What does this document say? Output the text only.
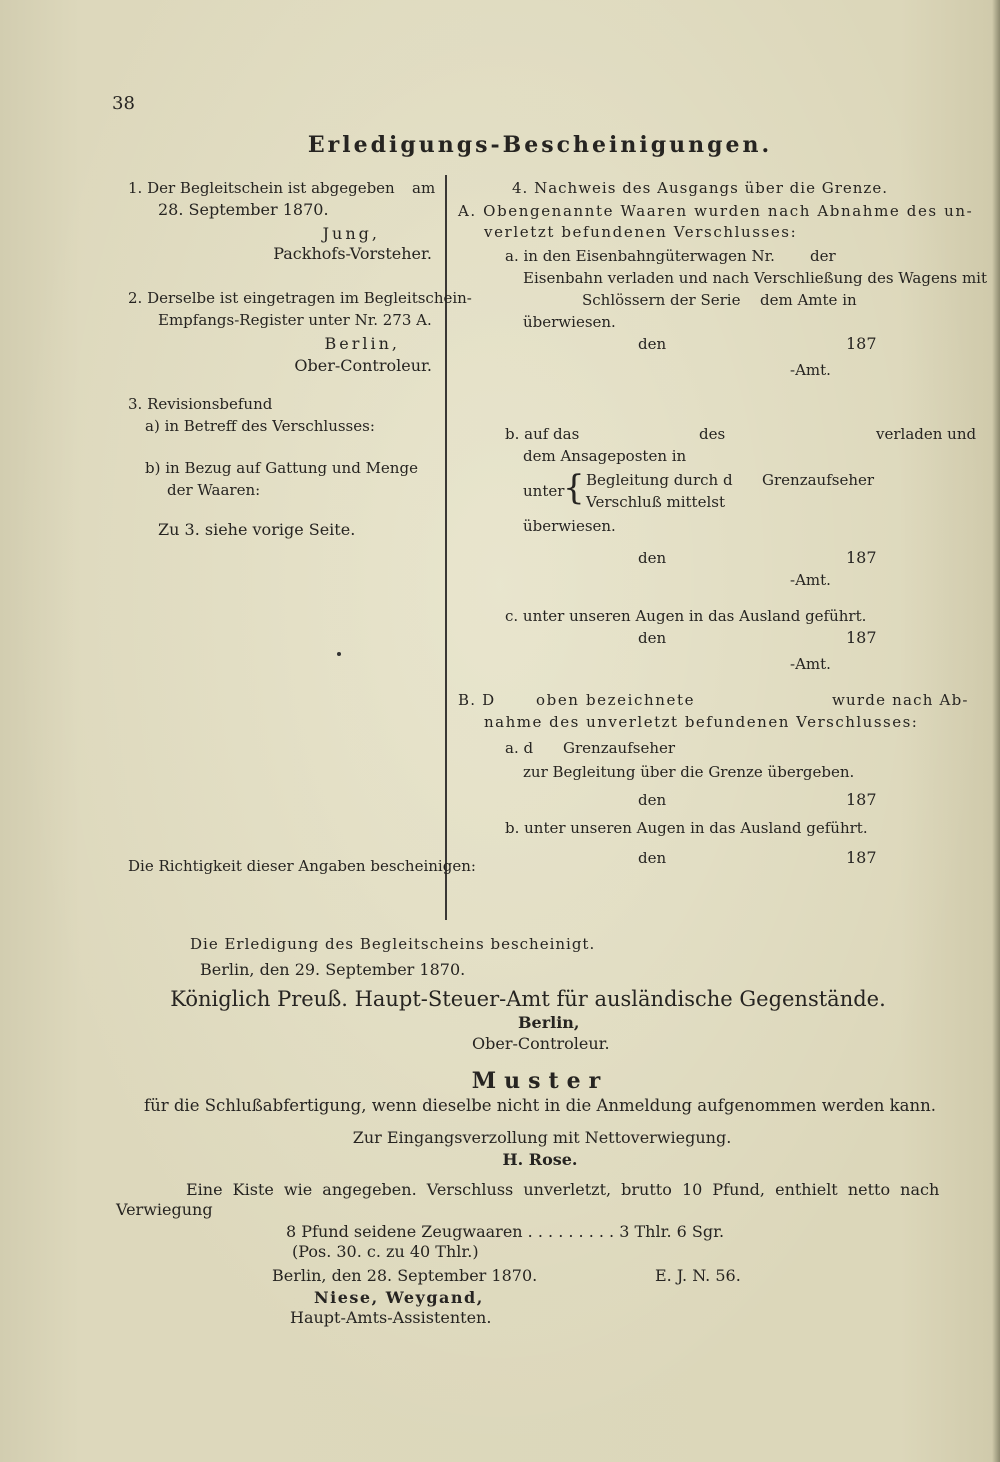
38
Erledigungs-Bescheinigungen.
1. Der Begleitschein ist abgegeben am
28. September 1870.
Jung,
Packhofs-Vorsteher.
2. Derselbe ist eingetragen im Begleitschein-
Empfangs-Register unter Nr. 273 A.
Berlin,
Ober-Controleur.
3. Revisionsbefund
a) in Betreff des Verschlusses:
b) in Bezug auf Gattung und Menge
der Waaren:
Zu 3. siehe vorige Seite.
Die Richtigkeit dieser Angaben bescheinigen:
4. Nachweis des Ausgangs über die Grenze.
A. Obengenannte Waaren wurden nach Abnahme des un-
verletzt befundenen Verschlusses:
a. in den Eisenbahngüterwagen Nr. der
Eisenbahn verladen und nach Verschließung des Wagens mit
Schlössern der Serie dem Amte in
überwiesen.
den	187
-Amt.
b. auf das	des	verladen und
dem Ansageposten in
unter
{ Begleitung durch d Grenzaufseher
Verschluß mittelst
überwiesen.
den	187
-Amt.
c. unter unseren Augen in das Ausland geführt.
den	187
-Amt.
B. D	oben bezeichnete	wurde nach Ab-
nahme des unverletzt befundenen Verschlusses:
a. d Grenzaufseher
zur Begleitung über die Grenze übergeben.
den	187
b. unter unseren Augen in das Ausland geführt.
den	187
Die Erledigung des Begleitscheins bescheinigt.
Berlin, den 29. September 1870.
Königlich Preuß. Haupt-Steuer-Amt für ausländische Gegenstände.
Berlin,
Ober-Controleur.
Muster
für die Schlußabfertigung, wenn dieselbe nicht in die Anmeldung aufgenommen werden kann.
Zur Eingangsverzollung mit Nettoverwiegung.
H. Rose.
Eine Kiste wie angegeben. Verschluss unverletzt, brutto 10 Pfund, enthielt netto nach
Verwiegung
8 Pfund seidene Zeugwaaren . . . . . . . . . 3 Thlr. 6 Sgr.
(Pos. 30. c. zu 40 Thlr.)
Berlin, den 28. September 1870.	E. J. N. 56.
Niese, Weygand,
Haupt-Amts-Assistenten.
